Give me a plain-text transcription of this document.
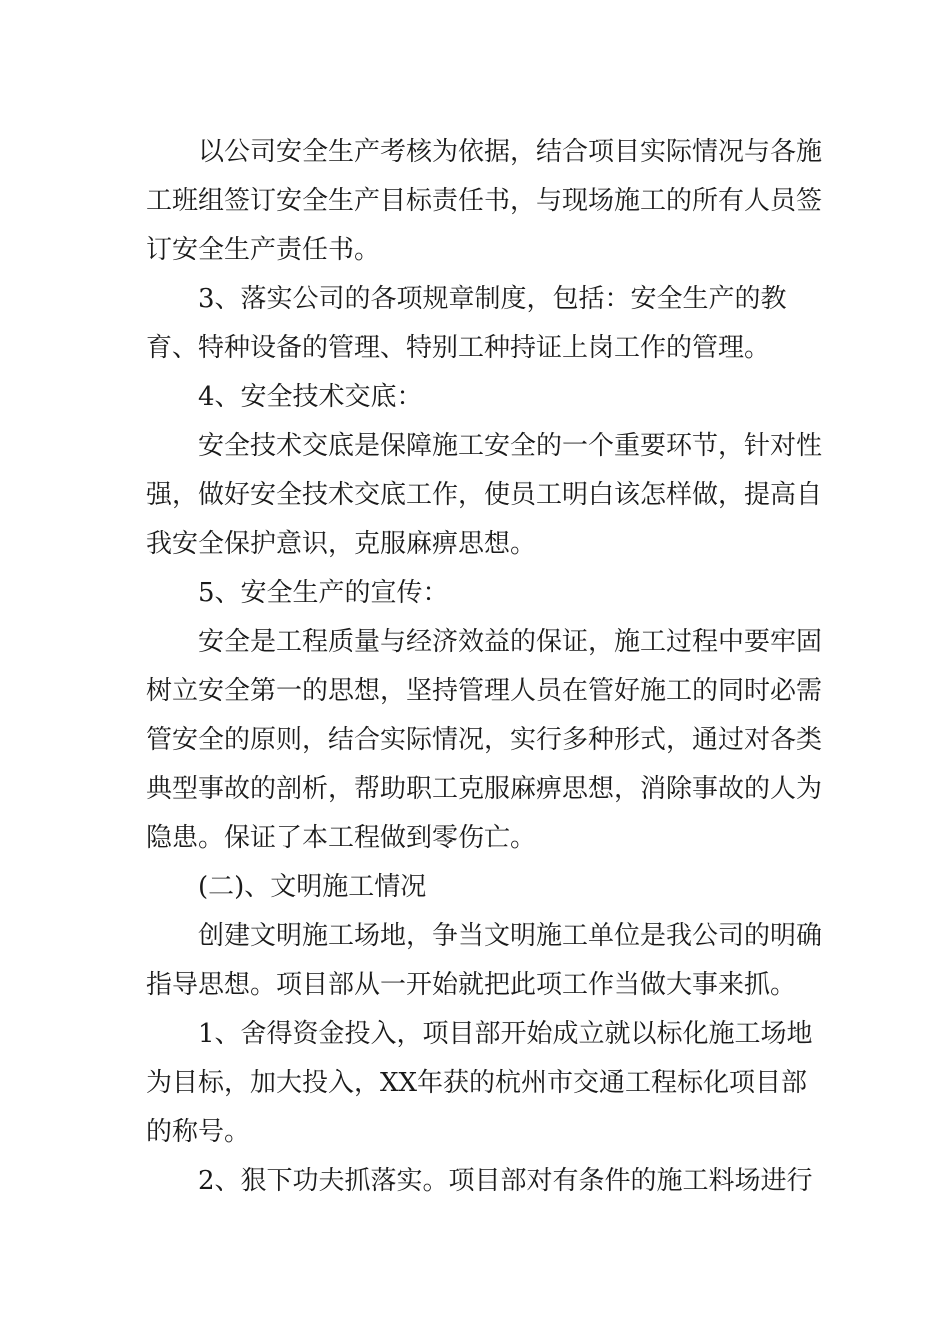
以公司安全生产考核为依据，结合项目实际情况与各施工班组签订安全生产目标责任书，与现场施工的所有人员签订安全生产责任书。

3、落实公司的各项规章制度，包括：安全生产的教育、特种设备的管理、特别工种持证上岗工作的管理。

4、安全技术交底：

安全技术交底是保障施工安全的一个重要环节，针对性强，做好安全技术交底工作，使员工明白该怎样做，提高自我安全保护意识，克服麻痹思想。

5、安全生产的宣传：

安全是工程质量与经济效益的保证，施工过程中要牢固树立安全第一的思想，坚持管理人员在管好施工的同时必需管安全的原则，结合实际情况，实行多种形式，通过对各类典型事故的剖析，帮助职工克服麻痹思想，消除事故的人为隐患。保证了本工程做到零伤亡。

(二)、文明施工情况

创建文明施工场地，争当文明施工单位是我公司的明确指导思想。项目部从一开始就把此项工作当做大事来抓。

1、舍得资金投入，项目部开始成立就以标化施工场地为目标，加大投入，XX年获的杭州市交通工程标化项目部的称号。

2、狠下功夫抓落实。项目部对有条件的施工料场进行
